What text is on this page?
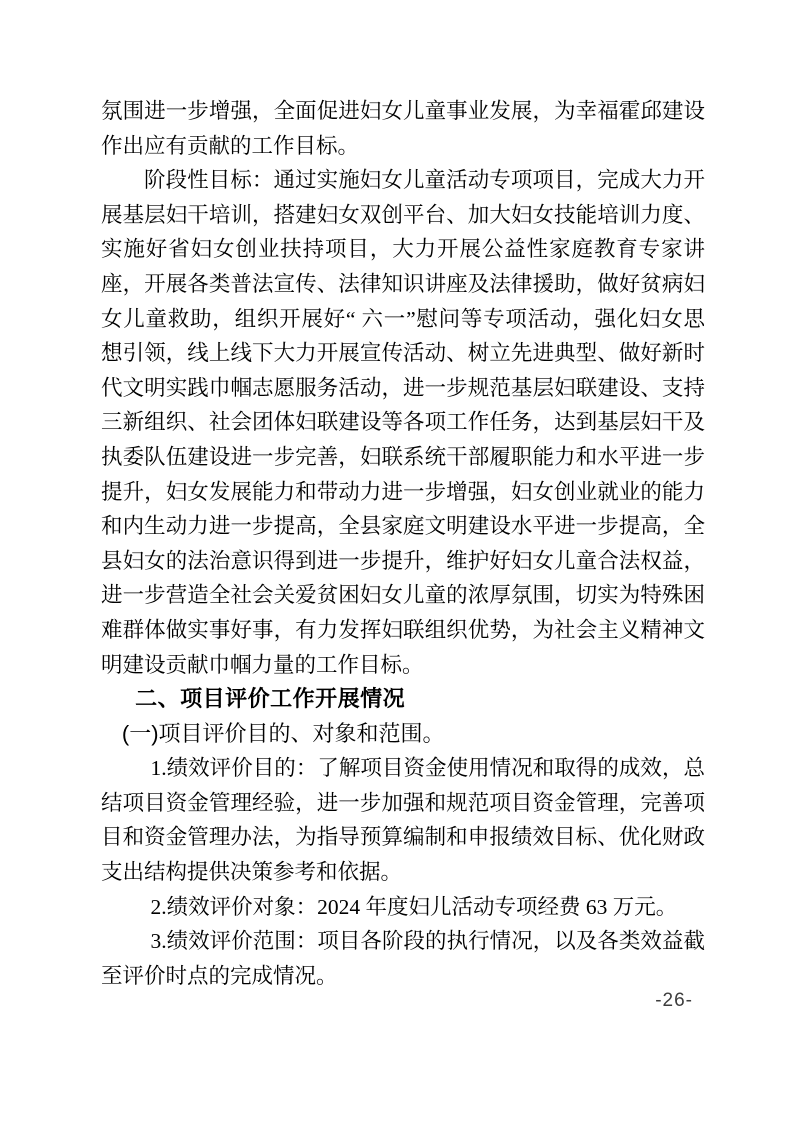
氛围进一步增强，全面促进妇女儿童事业发展，为幸福霍邱建设作出应有贡献的工作目标。

阶段性目标：通过实施妇女儿童活动专项项目，完成大力开展基层妇干培训，搭建妇女双创平台、加大妇女技能培训力度、实施好省妇女创业扶持项目，大力开展公益性家庭教育专家讲座，开展各类普法宣传、法律知识讲座及法律援助，做好贫病妇女儿童救助，组织开展好“ 六一”慰问等专项活动，强化妇女思想引领，线上线下大力开展宣传活动、树立先进典型、做好新时代文明实践巾帼志愿服务活动，进一步规范基层妇联建设、支持三新组织、社会团体妇联建设等各项工作任务，达到基层妇干及执委队伍建设进一步完善，妇联系统干部履职能力和水平进一步提升，妇女发展能力和带动力进一步增强，妇女创业就业的能力和内生动力进一步提高，全县家庭文明建设水平进一步提高，全县妇女的法治意识得到进一步提升，维护好妇女儿童合法权益，进一步营造全社会关爱贫困妇女儿童的浓厚氛围，切实为特殊困难群体做实事好事，有力发挥妇联组织优势，为社会主义精神文明建设贡献巾帼力量的工作目标。

二、项目评价工作开展情况

(一)项目评价目的、对象和范围。

1.绩效评价目的：了解项目资金使用情况和取得的成效，总结项目资金管理经验，进一步加强和规范项目资金管理，完善项目和资金管理办法，为指导预算编制和申报绩效目标、优化财政支出结构提供决策参考和依据。

2.绩效评价对象：2024 年度妇儿活动专项经费 63 万元。

3.绩效评价范围：项目各阶段的执行情况，以及各类效益截至评价时点的完成情况。

-26-
